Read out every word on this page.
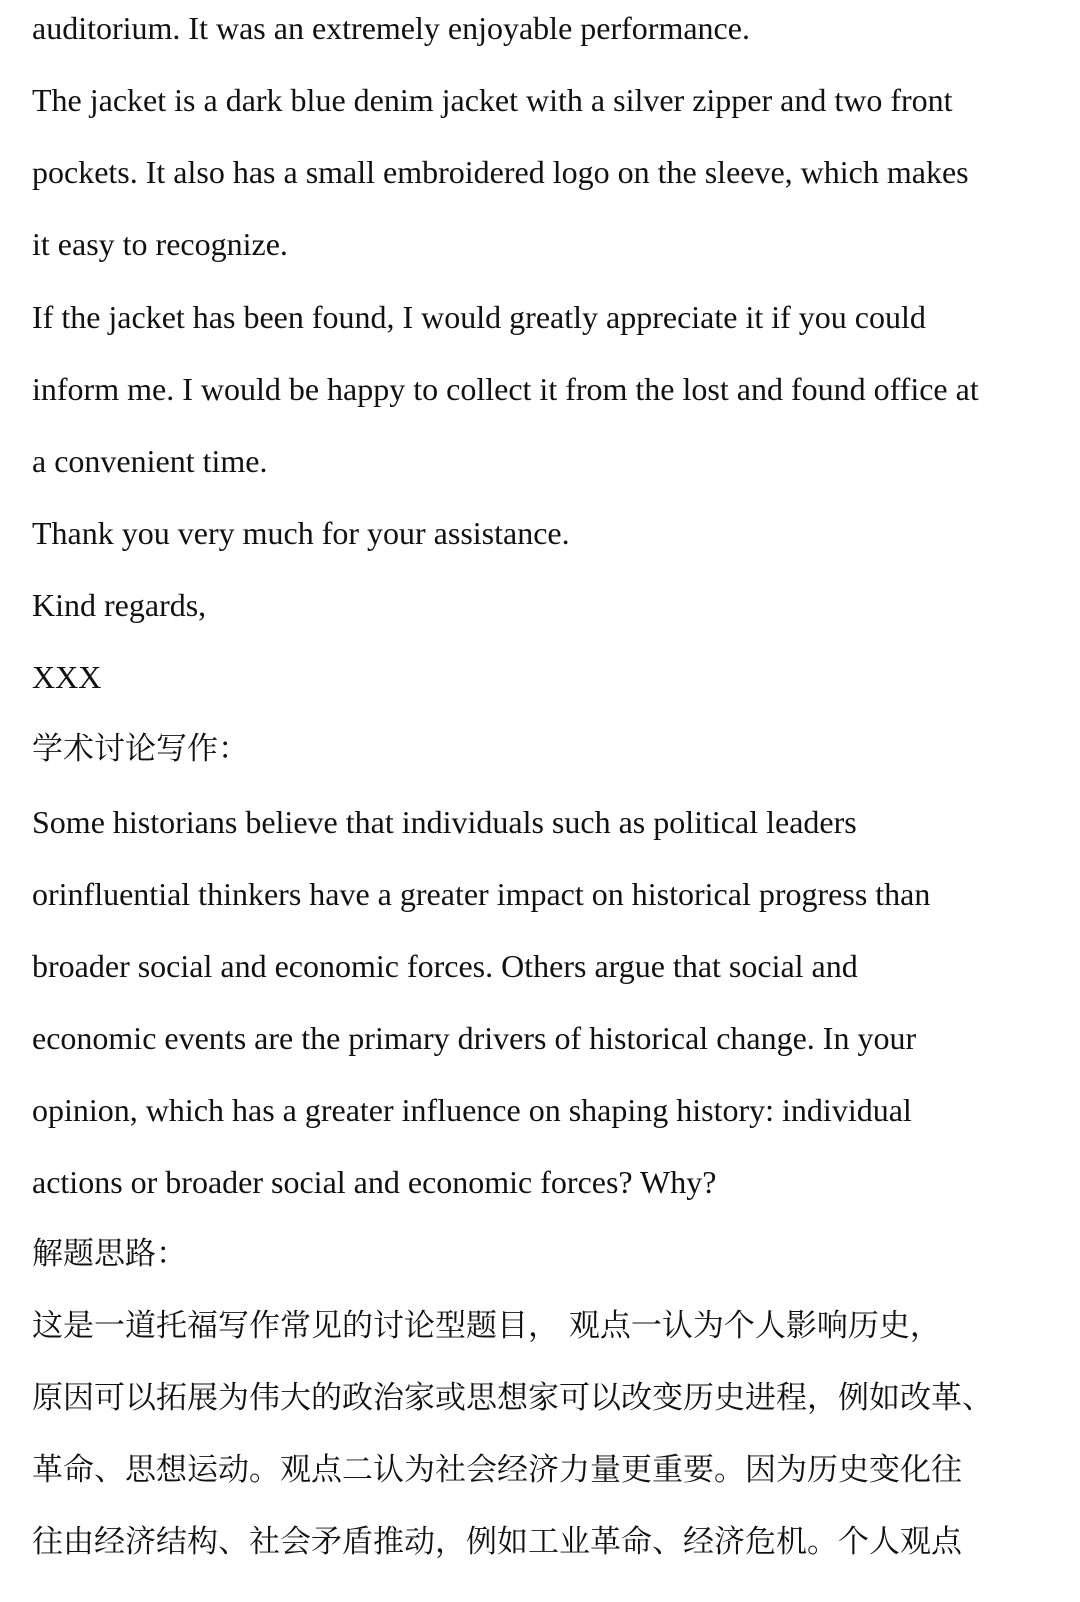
auditorium. It was an extremely enjoyable performance.
The jacket is a dark blue denim jacket with a silver zipper and two front
pockets. It also has a small embroidered logo on the sleeve, which makes
it easy to recognize.
If the jacket has been found, I would greatly appreciate it if you could
inform me. I would be happy to collect it from the lost and found office at
a convenient time.
Thank you very much for your assistance.
Kind regards,
XXX
学术讨论写作：
Some historians believe that individuals such as political leaders
orinfluential thinkers have a greater impact on historical progress than
broader social and economic forces. Others argue that social and
economic events are the primary drivers of historical change. In your
opinion, which has a greater influence on shaping history: individual
actions or broader social and economic forces? Why?
解题思路：
这是一道托福写作常见的讨论型题目， 观点一认为个人影响历史，
原因可以拓展为伟大的政治家或思想家可以改变历史进程，例如改革、
革命、思想运动。观点二认为社会经济力量更重要。因为历史变化往
往由经济结构、社会矛盾推动，例如工业革命、经济危机。个人观点
